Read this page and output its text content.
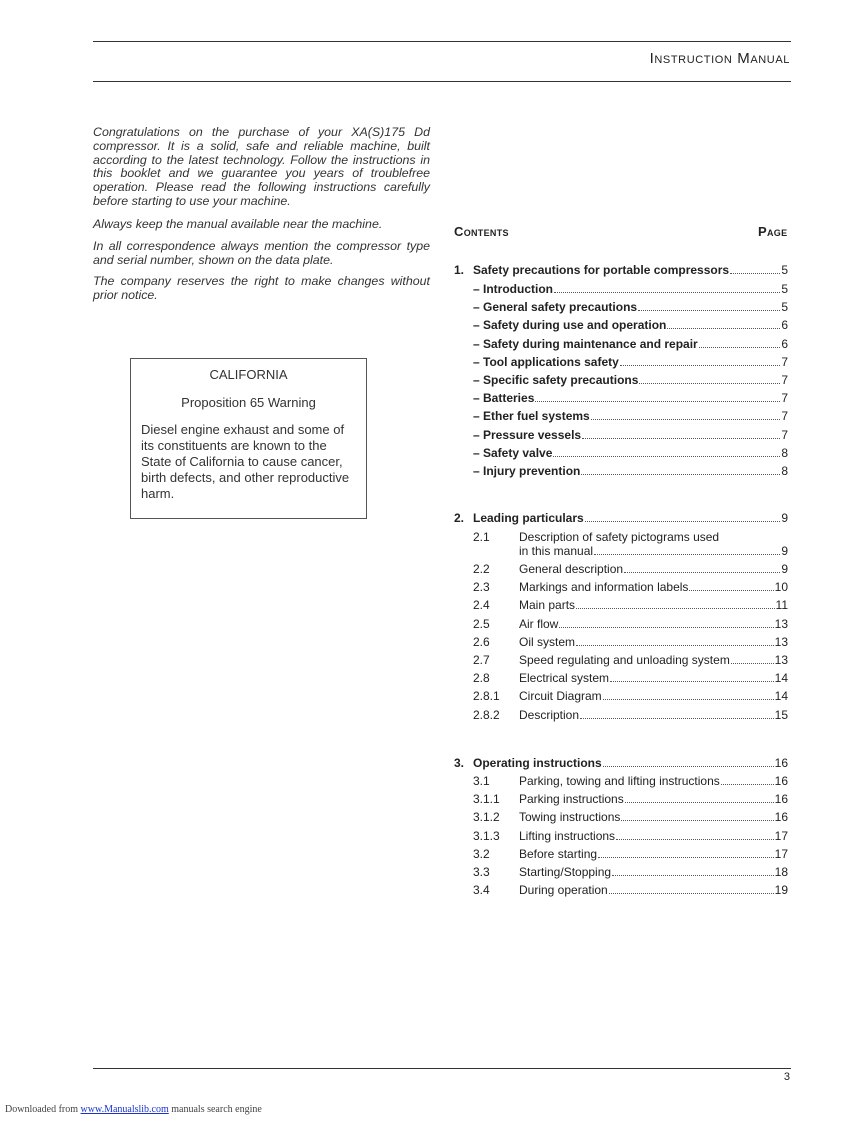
Instruction Manual

Congratulations on the purchase of your XA(S)175 Dd compressor. It is a solid, safe and reliable machine, built according to the latest technology. Follow the instructions in this booklet and we guarantee you years of troublefree operation. Please read the following instructions carefully before starting to use your machine.

Always keep the manual available near the machine.

In all correspondence always mention the compressor type and serial number, shown on the data plate.

The company reserves the right to make changes without prior notice.

CALIFORNIA
Proposition 65 Warning
Diesel engine exhaust and some of its constituents are known to the State of California to cause cancer, birth defects, and other reproductive harm.
Contents	Page
1. Safety precautions for portable compressors	5
– Introduction	5
– General safety precautions	5
– Safety during use and operation	6
– Safety during maintenance and repair	6
– Tool applications safety	7
– Specific safety precautions	7
– Batteries	7
– Ether fuel systems	7
– Pressure vessels	7
– Safety valve	8
– Injury prevention	8
2. Leading particulars	9
2.1 Description of safety pictograms used
in this manual	9
2.2	General description	9
2.3	Markings and information labels	10
2.4	Main parts	11
2.5	Air flow	13
2.6	Oil system	13
2.7	Speed regulating and unloading system	13
2.8	Electrical system	14
2.8.1	Circuit Diagram	14
2.8.2	Description	15
3. Operating instructions	16
3.1	Parking, towing and lifting instructions	16
3.1.1	Parking instructions	16
3.1.2	Towing instructions	16
3.1.3	Lifting instructions	17
3.2	Before starting	17
3.3	Starting/Stopping	18
3.4	During operation	19
3
Downloaded from www.Manualslib.com manuals search engine
